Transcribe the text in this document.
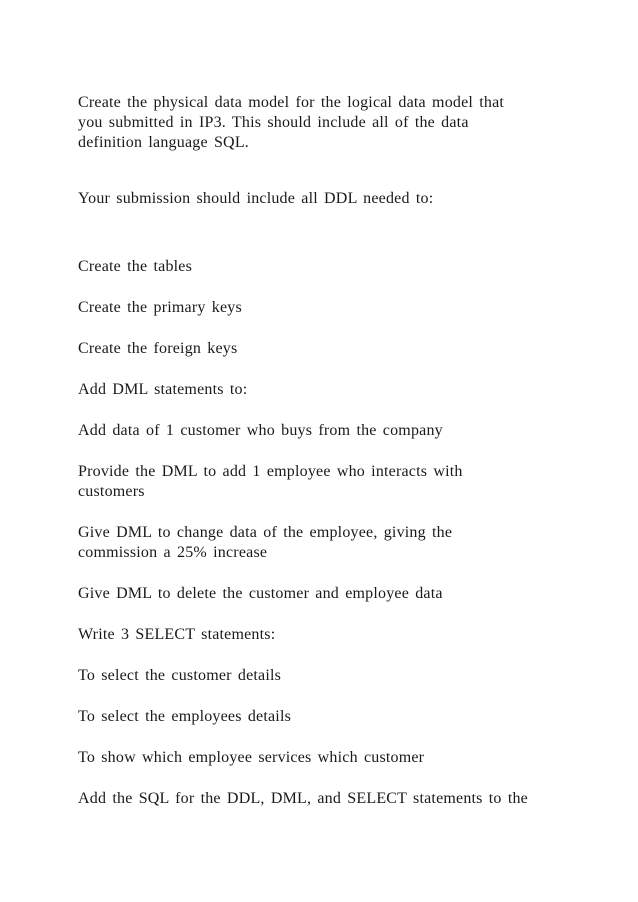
Create the physical data model for the logical data model that
you submitted in IP3. This should include all of the data
definition language SQL.

Your submission should include all DDL needed to:

Create the tables

Create the primary keys

Create the foreign keys

Add DML statements to:

Add data of 1 customer who buys from the company

Provide the DML to add 1 employee who interacts with
customers

Give DML to change data of the employee, giving the
commission a 25% increase

Give DML to delete the customer and employee data

Write 3 SELECT statements:

To select the customer details

To select the employees details

To show which employee services which customer

Add the SQL for the DDL, DML, and SELECT statements to the
